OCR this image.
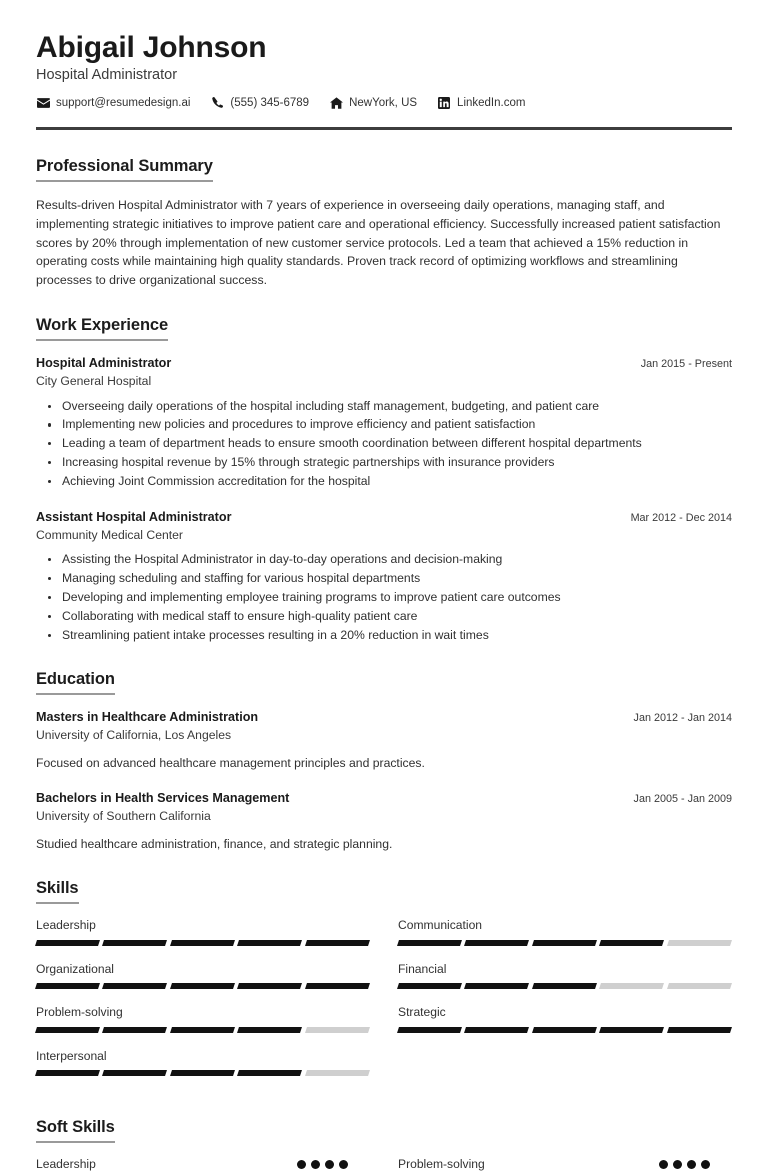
Abigail Johnson
Hospital Administrator
support@resumedesign.ai	(555) 345-6789	NewYork, US	LinkedIn.com
Professional Summary

Results-driven Hospital Administrator with 7 years of experience in overseeing daily operations, managing staff, and implementing strategic initiatives to improve patient care and operational efficiency. Successfully increased patient satisfaction scores by 20% through implementation of new customer service protocols. Led a team that achieved a 15% reduction in operating costs while maintaining high quality standards. Proven track record of optimizing workflows and streamlining processes to drive organizational success.

Work Experience
Hospital Administrator	Jan 2015 - Present
City General Hospital
Overseeing daily operations of the hospital including staff management, budgeting, and patient care
Implementing new policies and procedures to improve efficiency and patient satisfaction
Leading a team of department heads to ensure smooth coordination between different hospital departments
Increasing hospital revenue by 15% through strategic partnerships with insurance providers
Achieving Joint Commission accreditation for the hospital
Assistant Hospital Administrator	Mar 2012 - Dec 2014
Community Medical Center
Assisting the Hospital Administrator in day-to-day operations and decision-making
Managing scheduling and staffing for various hospital departments
Developing and implementing employee training programs to improve patient care outcomes
Collaborating with medical staff to ensure high-quality patient care
Streamlining patient intake processes resulting in a 20% reduction in wait times
Education
Masters in Healthcare Administration	Jan 2012 - Jan 2014
University of California, Los Angeles
Focused on advanced healthcare management principles and practices.
Bachelors in Health Services Management	Jan 2005 - Jan 2009
University of Southern California
Studied healthcare administration, finance, and strategic planning.
Skills
Leadership	Communication
Organizational	Financial
Problem-solving	Strategic
Interpersonal
Soft Skills
Leadership	Problem-solving
